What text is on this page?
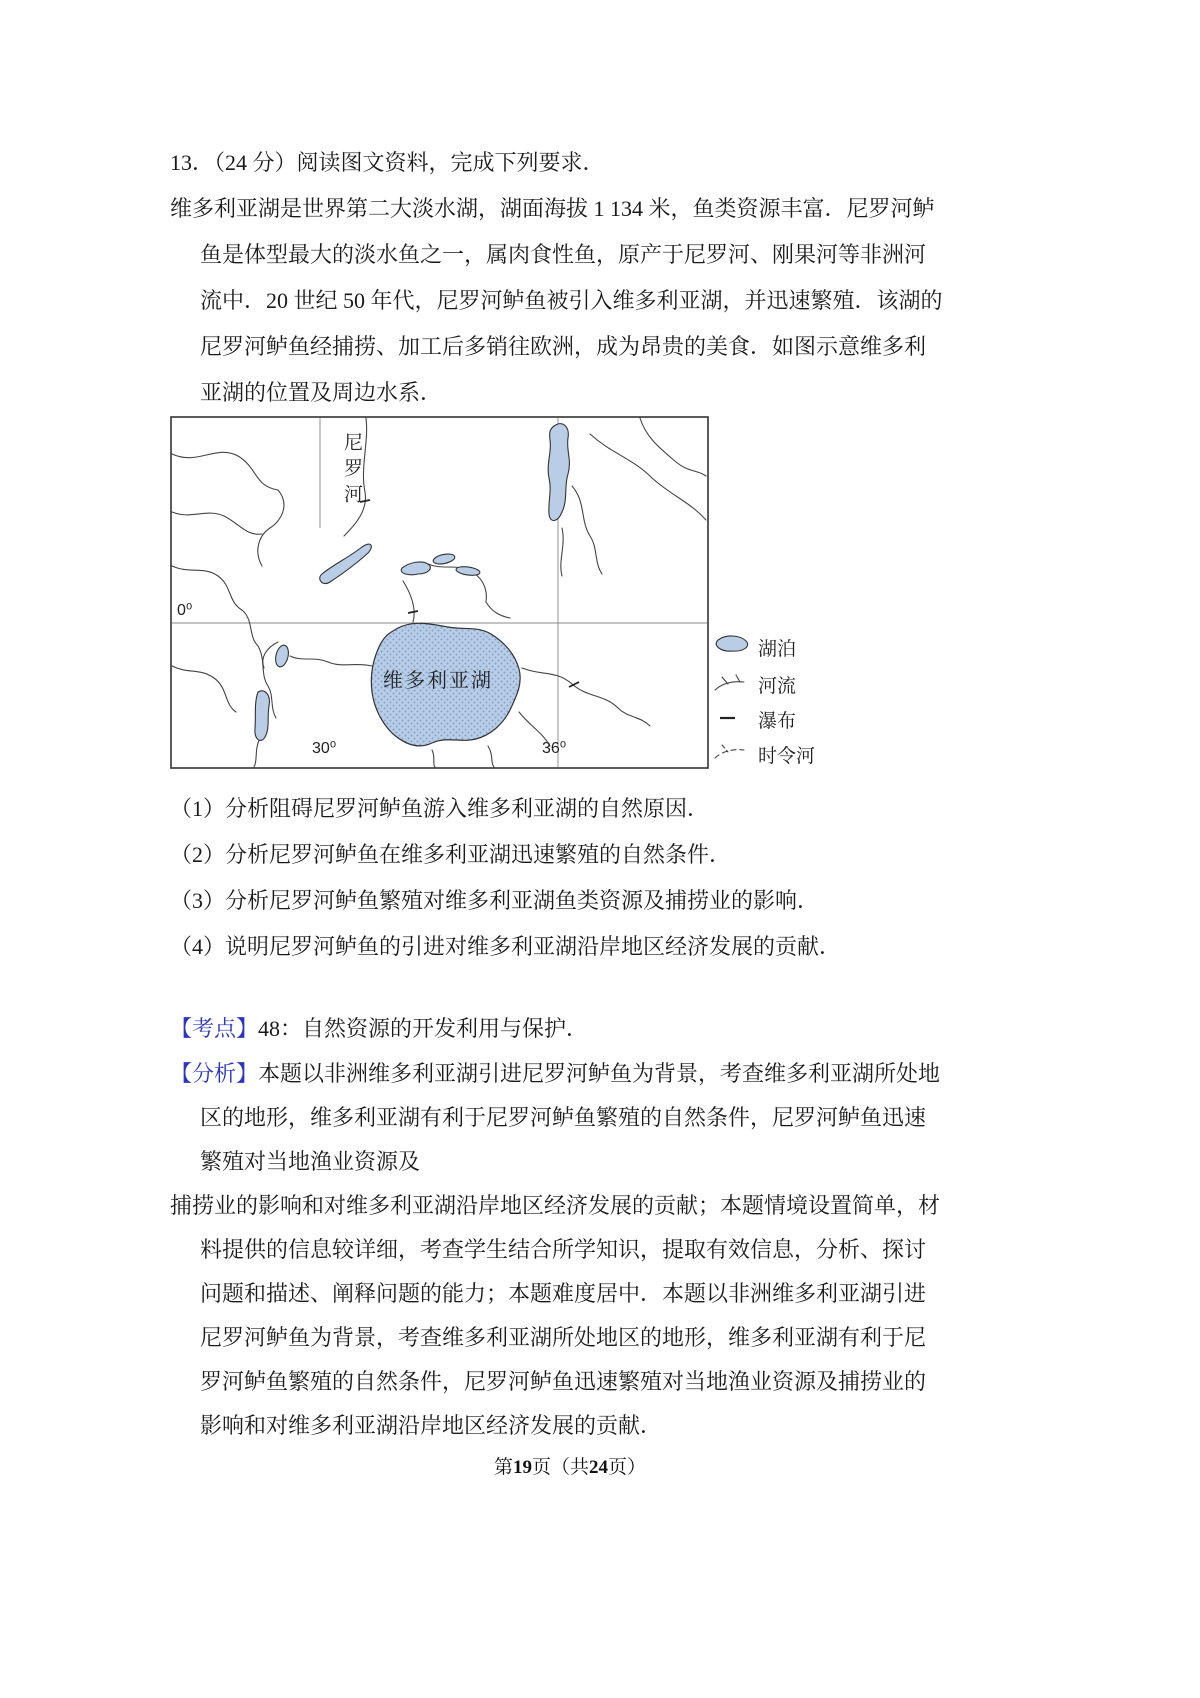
13．（24 分）阅读图文资料，完成下列要求．
维多利亚湖是世界第二大淡水湖，湖面海拔 1 134 米，鱼类资源丰富．尼罗河鲈
鱼是体型最大的淡水鱼之一，属肉食性鱼，原产于尼罗河、刚果河等非洲河
流中．20 世纪 50 年代，尼罗河鲈鱼被引入维多利亚湖，并迅速繁殖．该湖的
尼罗河鲈鱼经捕捞、加工后多销往欧洲，成为昂贵的美食．如图示意维多利
亚湖的位置及周边水系．
尼罗河
0⁰
维多利亚湖
30⁰	36⁰
湖泊
河流
瀑布
时令河
（1）分析阻碍尼罗河鲈鱼游入维多利亚湖的自然原因．
（2）分析尼罗河鲈鱼在维多利亚湖迅速繁殖的自然条件．
（3）分析尼罗河鲈鱼繁殖对维多利亚湖鱼类资源及捕捞业的影响．
（4）说明尼罗河鲈鱼的引进对维多利亚湖沿岸地区经济发展的贡献．
【考点】48：自然资源的开发利用与保护．
【分析】本题以非洲维多利亚湖引进尼罗河鲈鱼为背景，考查维多利亚湖所处地
区的地形，维多利亚湖有利于尼罗河鲈鱼繁殖的自然条件，尼罗河鲈鱼迅速
繁殖对当地渔业资源及
捕捞业的影响和对维多利亚湖沿岸地区经济发展的贡献；本题情境设置简单，材
料提供的信息较详细，考查学生结合所学知识，提取有效信息，分析、探讨
问题和描述、阐释问题的能力；本题难度居中．本题以非洲维多利亚湖引进
尼罗河鲈鱼为背景，考查维多利亚湖所处地区的地形，维多利亚湖有利于尼
罗河鲈鱼繁殖的自然条件，尼罗河鲈鱼迅速繁殖对当地渔业资源及捕捞业的
影响和对维多利亚湖沿岸地区经济发展的贡献．
第19页（共24页）
